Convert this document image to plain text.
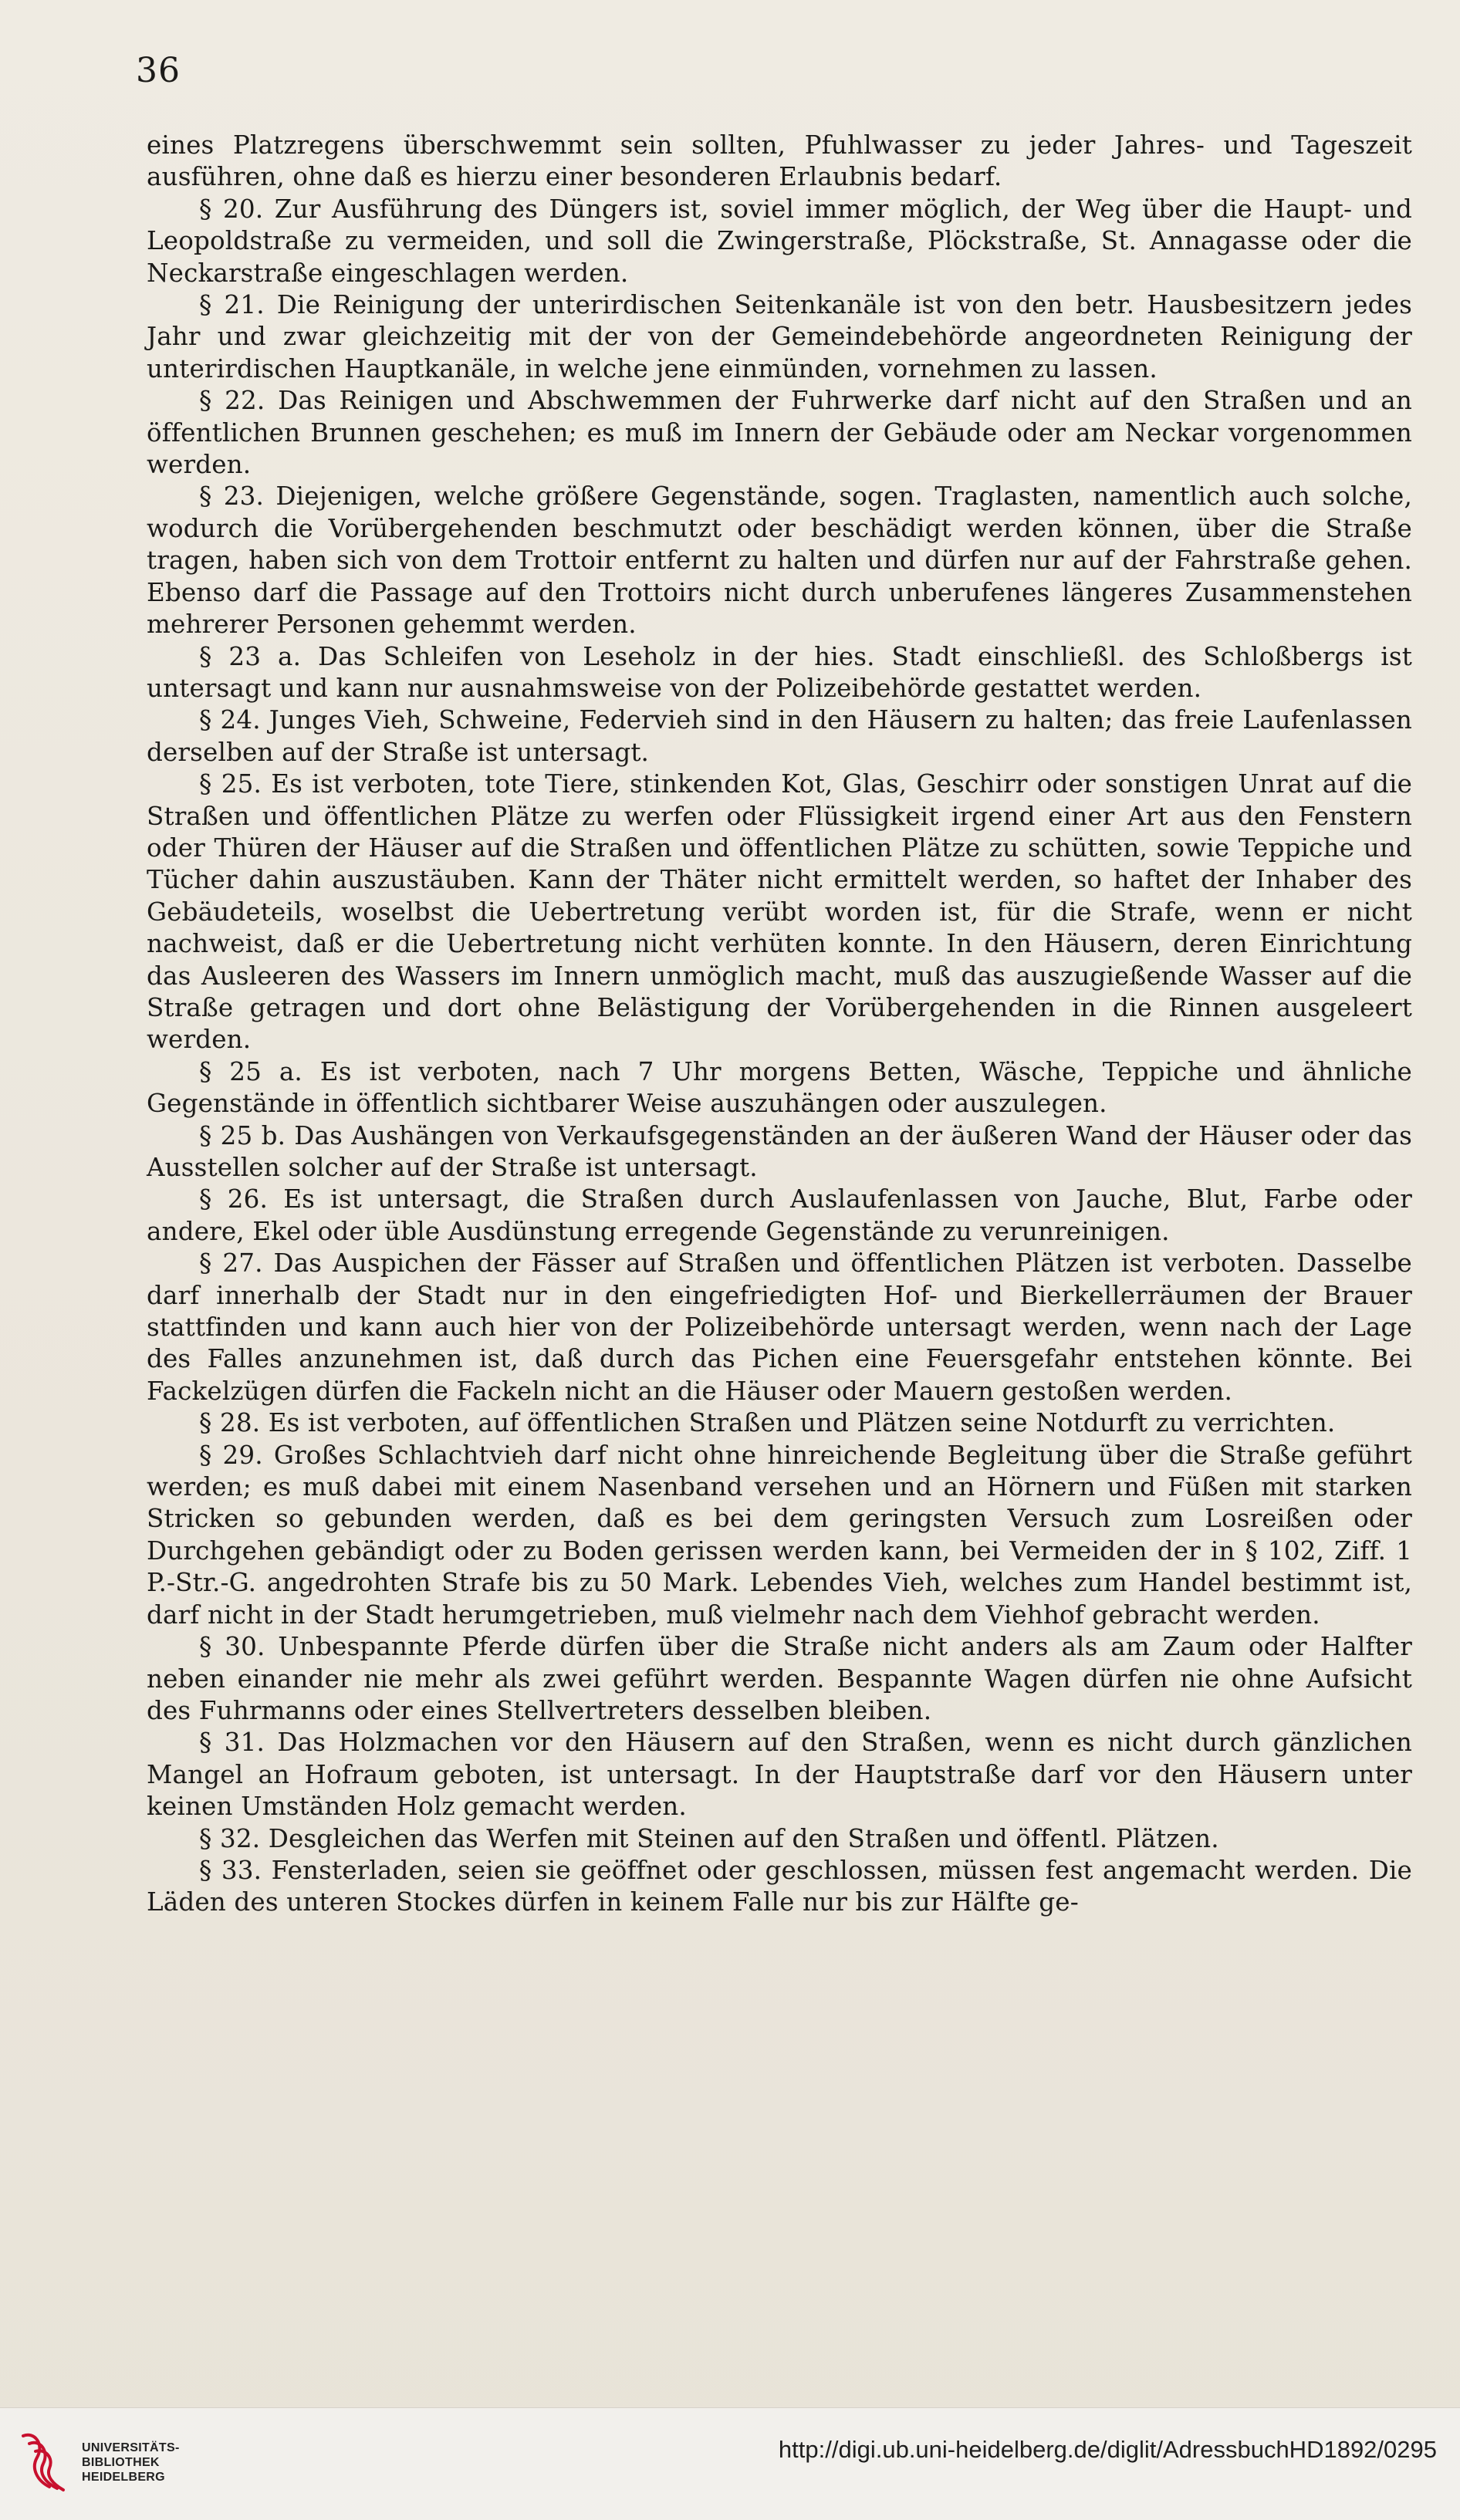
36

eines Platzregens überschwemmt sein sollten, Pfuhlwasser zu jeder Jahres- und Tageszeit ausführen, ohne daß es hierzu einer besonderen Erlaubnis bedarf.

§ 20. Zur Ausführung des Düngers ist, soviel immer möglich, der Weg über die Haupt- und Leopoldstraße zu vermeiden, und soll die Zwingerstraße, Plöckstraße, St. Annagasse oder die Neckarstraße eingeschlagen werden.

§ 21. Die Reinigung der unterirdischen Seitenkanäle ist von den betr. Hausbesitzern jedes Jahr und zwar gleichzeitig mit der von der Gemeindebehörde angeordneten Reinigung der unterirdischen Hauptkanäle, in welche jene einmünden, vornehmen zu lassen.

§ 22. Das Reinigen und Abschwemmen der Fuhrwerke darf nicht auf den Straßen und an öffentlichen Brunnen geschehen; es muß im Innern der Gebäude oder am Neckar vorgenommen werden.

§ 23. Diejenigen, welche größere Gegenstände, sogen. Traglasten, namentlich auch solche, wodurch die Vorübergehenden beschmutzt oder beschädigt werden können, über die Straße tragen, haben sich von dem Trottoir entfernt zu halten und dürfen nur auf der Fahrstraße gehen. Ebenso darf die Passage auf den Trottoirs nicht durch unberufenes längeres Zusammenstehen mehrerer Personen gehemmt werden.

§ 23 a. Das Schleifen von Leseholz in der hies. Stadt einschließl. des Schloßbergs ist untersagt und kann nur ausnahmsweise von der Polizeibehörde gestattet werden.

§ 24. Junges Vieh, Schweine, Federvieh sind in den Häusern zu halten; das freie Laufenlassen derselben auf der Straße ist untersagt.

§ 25. Es ist verboten, tote Tiere, stinkenden Kot, Glas, Geschirr oder sonstigen Unrat auf die Straßen und öffentlichen Plätze zu werfen oder Flüssigkeit irgend einer Art aus den Fenstern oder Thüren der Häuser auf die Straßen und öffentlichen Plätze zu schütten, sowie Teppiche und Tücher dahin auszustäuben. Kann der Thäter nicht ermittelt werden, so haftet der Inhaber des Gebäudeteils, woselbst die Uebertretung verübt worden ist, für die Strafe, wenn er nicht nachweist, daß er die Uebertretung nicht verhüten konnte. In den Häusern, deren Einrichtung das Ausleeren des Wassers im Innern unmöglich macht, muß das auszugießende Wasser auf die Straße getragen und dort ohne Belästigung der Vorübergehenden in die Rinnen ausgeleert werden.

§ 25 a. Es ist verboten, nach 7 Uhr morgens Betten, Wäsche, Teppiche und ähnliche Gegenstände in öffentlich sichtbarer Weise auszuhängen oder auszulegen.

§ 25 b. Das Aushängen von Verkaufsgegenständen an der äußeren Wand der Häuser oder das Ausstellen solcher auf der Straße ist untersagt.

§ 26. Es ist untersagt, die Straßen durch Auslaufenlassen von Jauche, Blut, Farbe oder andere, Ekel oder üble Ausdünstung erregende Gegenstände zu verunreinigen.

§ 27. Das Auspichen der Fässer auf Straßen und öffentlichen Plätzen ist verboten. Dasselbe darf innerhalb der Stadt nur in den eingefriedigten Hof- und Bierkellerräumen der Brauer stattfinden und kann auch hier von der Polizeibehörde untersagt werden, wenn nach der Lage des Falles anzunehmen ist, daß durch das Pichen eine Feuersgefahr entstehen könnte. Bei Fackelzügen dürfen die Fackeln nicht an die Häuser oder Mauern gestoßen werden.

§ 28. Es ist verboten, auf öffentlichen Straßen und Plätzen seine Notdurft zu verrichten.

§ 29. Großes Schlachtvieh darf nicht ohne hinreichende Begleitung über die Straße geführt werden; es muß dabei mit einem Nasenband versehen und an Hörnern und Füßen mit starken Stricken so gebunden werden, daß es bei dem geringsten Versuch zum Losreißen oder Durchgehen gebändigt oder zu Boden gerissen werden kann, bei Vermeiden der in § 102, Ziff. 1 P.-Str.-G. angedrohten Strafe bis zu 50 Mark. Lebendes Vieh, welches zum Handel bestimmt ist, darf nicht in der Stadt herumgetrieben, muß vielmehr nach dem Viehhof gebracht werden.

§ 30. Unbespannte Pferde dürfen über die Straße nicht anders als am Zaum oder Halfter neben einander nie mehr als zwei geführt werden. Bespannte Wagen dürfen nie ohne Aufsicht des Fuhrmanns oder eines Stellvertreters desselben bleiben.

§ 31. Das Holzmachen vor den Häusern auf den Straßen, wenn es nicht durch gänzlichen Mangel an Hofraum geboten, ist untersagt. In der Hauptstraße darf vor den Häusern unter keinen Umständen Holz gemacht werden.

§ 32. Desgleichen das Werfen mit Steinen auf den Straßen und öffentl. Plätzen.

§ 33. Fensterladen, seien sie geöffnet oder geschlossen, müssen fest angemacht werden. Die Läden des unteren Stockes dürfen in keinem Falle nur bis zur Hälfte ge-

UNIVERSITÄTS-
BIBLIOTHEK
HEIDELBERG
http://digi.ub.uni-heidelberg.de/diglit/AdressbuchHD1892/0295
